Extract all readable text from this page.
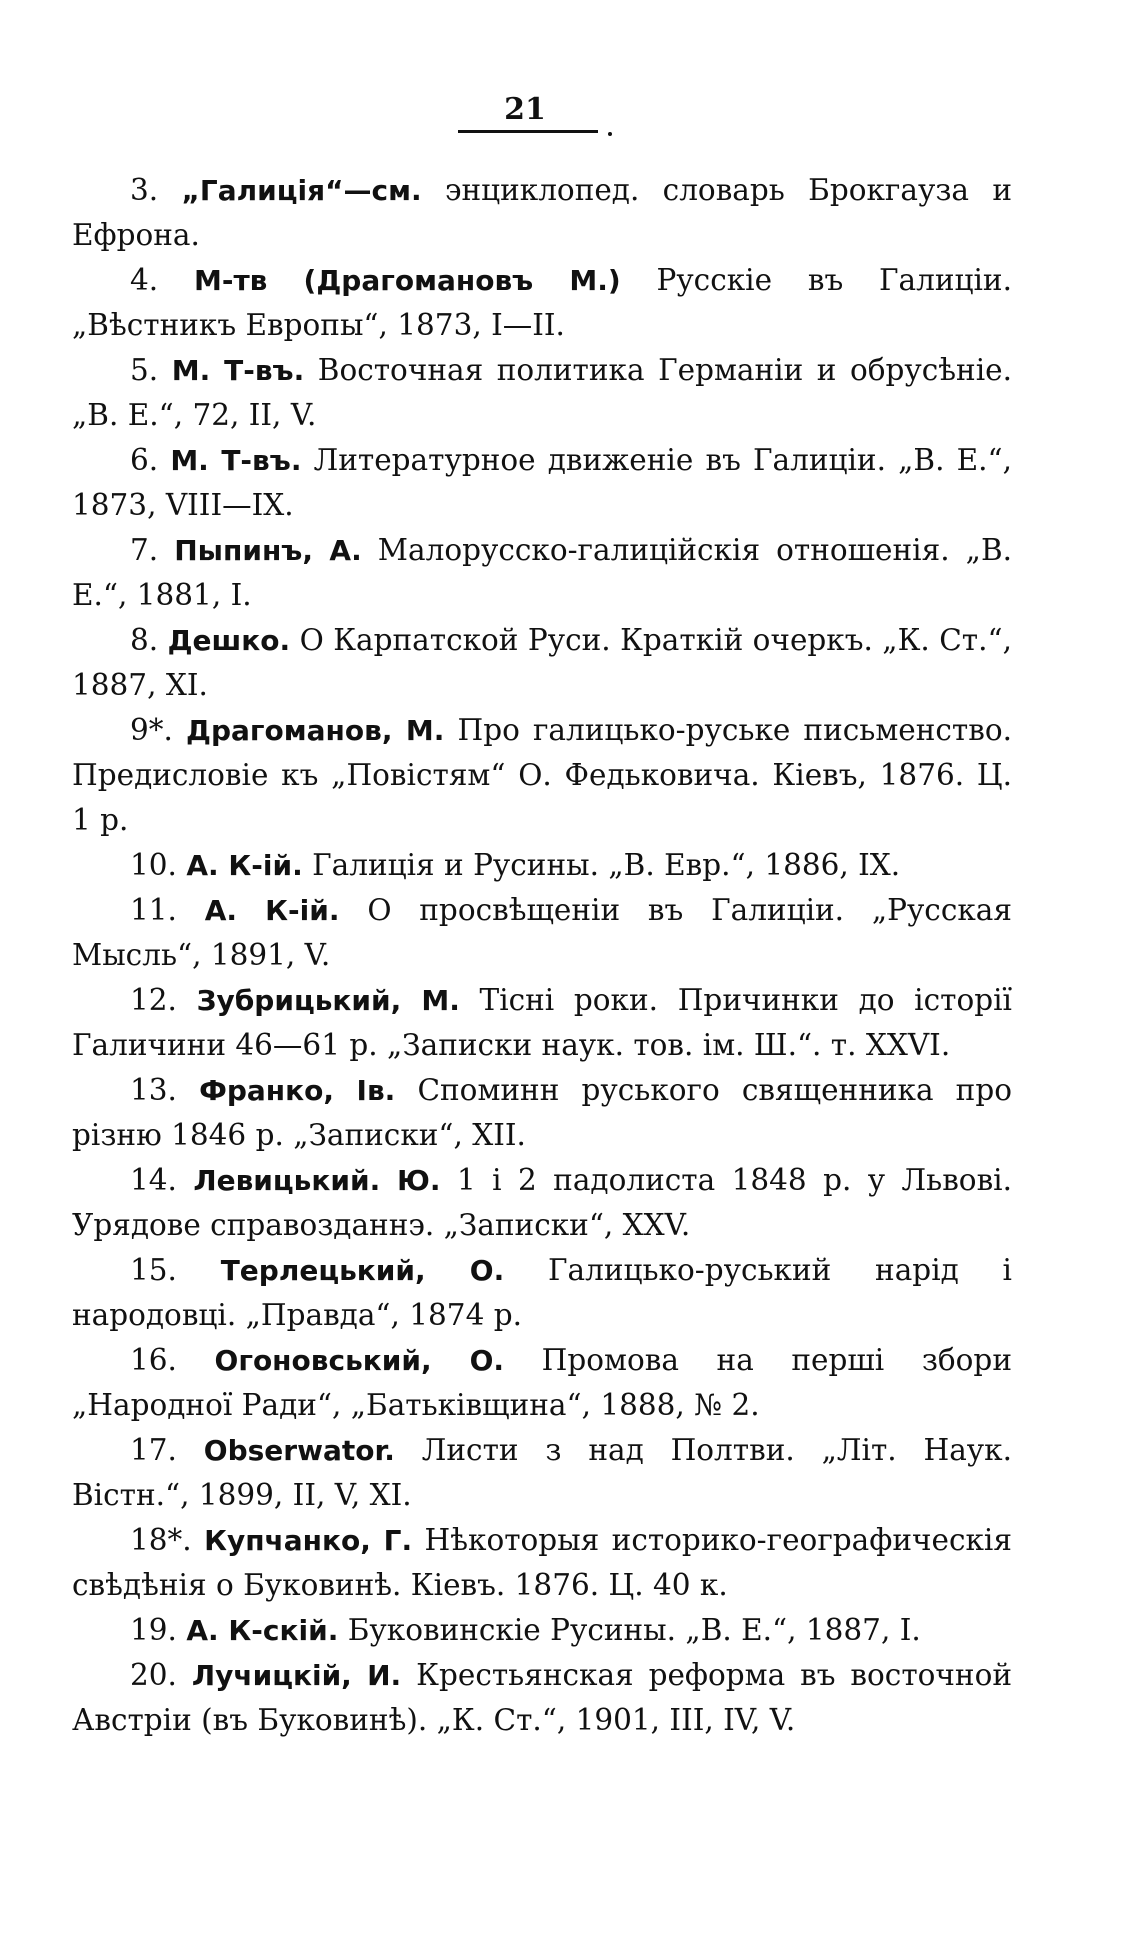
21

3. „Галиція“—см. энциклопед. словарь Брокгауза и Ефрона.

4. М-тв (Драгомановъ М.) Русскіе въ Галиціи. „Вѣстникъ Европы“, 1873, I—II.

5. М. Т-въ. Восточная политика Германіи и обрусѣніе. „В. Е.“, 72, II, V.

6. М. Т-въ. Литературное движеніе въ Галиціи. „В. Е.“, 1873, VIII—IX.

7. Пыпинъ, А. Малорусско-галиційскія отношенія. „В. Е.“, 1881, I.

8. Дешко. О Карпатской Руси. Краткій очеркъ. „К. Ст.“, 1887, XI.

9*. Драгоманов, М. Про галицько-руське письменство. Предисловіе къ „Повістям“ О. Федьковича. Кіевъ, 1876. Ц. 1 р.

10. А. К-ій. Галиція и Русины. „В. Евр.“, 1886, IX.

11. А. К-ій. О просвѣщеніи въ Галиціи. „Русская Мысль“, 1891, V.

12. Зубрицький, М. Тісні роки. Причинки до історії Галичини 46—61 р. „Записки наук. тов. ім. Ш.“. т. XXVI.

13. Франко, Ів. Споминн руського священника про різню 1846 р. „Записки“, XII.

14. Левицький. Ю. 1 і 2 падолиста 1848 р. у Львові. Урядове справозданнэ. „Записки“, XXV.

15. Терлецький, О. Галицько-руський нарід і народовці. „Правда“, 1874 р.

16. Огоновський, О. Промова на перші збори „Народної Ради“, „Батьківщина“, 1888, № 2.

17. Obserwator. Листи з над Полтви. „Літ. Наук. Вістн.“, 1899, II, V, XI.

18*. Купчанко, Г. Нѣкоторыя историко-географическія свѣдѣнія о Буковинѣ. Кіевъ. 1876. Ц. 40 к.

19. А. К-скій. Буковинскіе Русины. „В. Е.“, 1887, I.

20. Лучицкій, И. Крестьянская реформа въ восточной Австріи (въ Буковинѣ). „К. Ст.“, 1901, III, IV, V.
